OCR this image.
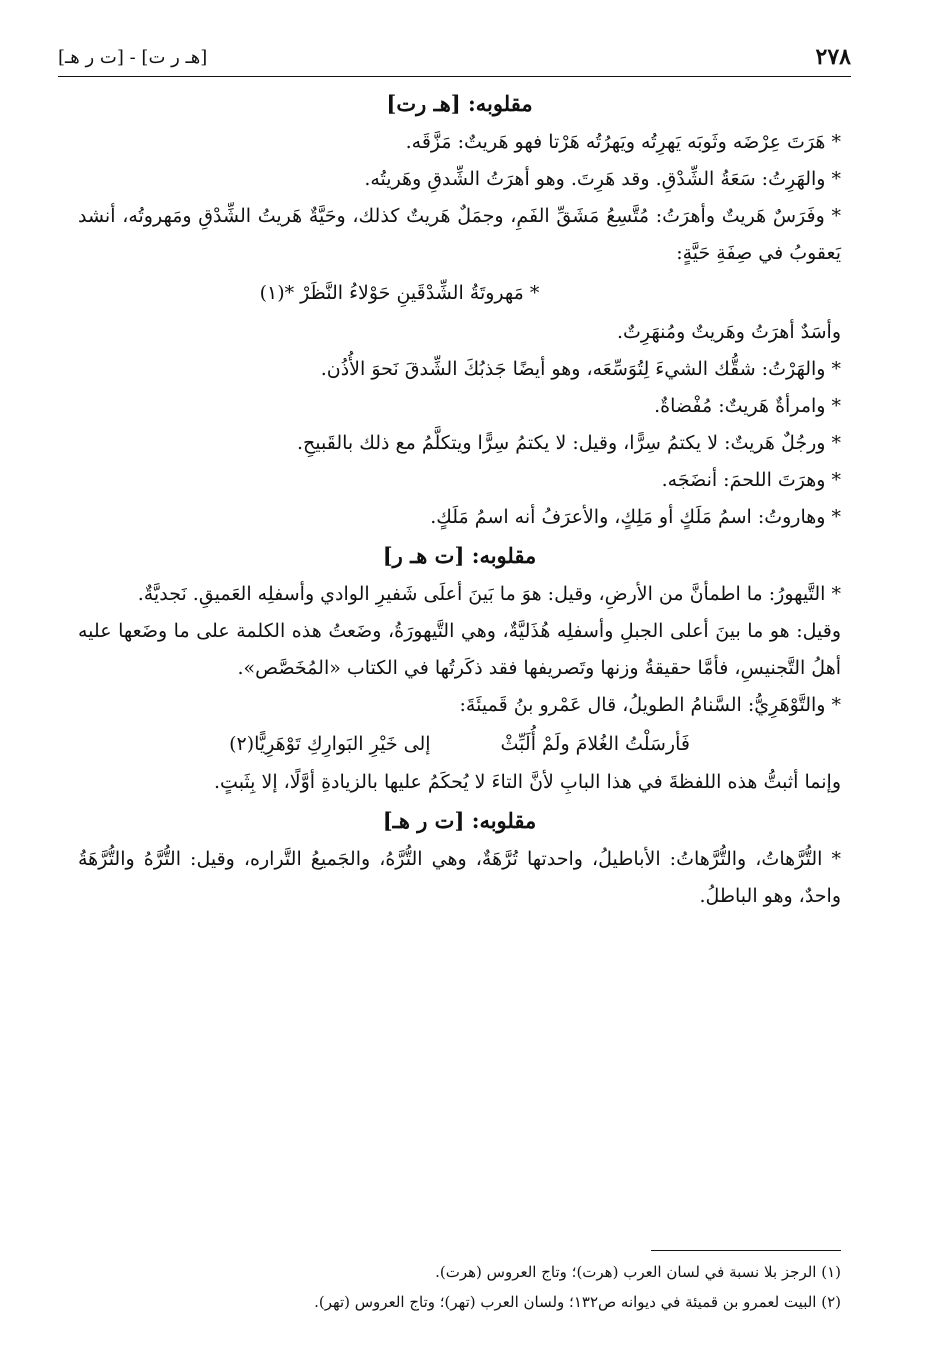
٢٧٨
[هـ ر ت] - [ت ر هـ]

مقلوبه: [هـ رت]

* هَرَتَ عِرْضَه وثَوبَه يَهرِتُه ويَهرُتُه هَرْتا فهو هَريتٌ: مَزَّقَه.

* والهَرِتُ: سَعَةُ الشِّدْقِ. وقد هَرِتَ. وهو أهرَتُ الشِّدقِ وهَريتُه.

* وفَرَسٌ هَريتٌ وأهرَتُ: مُتَّسِعُ مَشَقِّ الفَمِ، وجمَلٌ هَريتٌ كذلك، وحَيَّةٌ هَريتُ الشِّدْقِ ومَهروتُه، أنشد يَعقوبُ في صِفَةِ حَيَّةٍ:

* مَهروتَةُ الشِّدْقَينِ حَوْلاءُ النَّظَرْ *(١)

وأسَدٌ أهرَتُ وهَريتٌ ومُنهَرِتٌ.

* والهَرْتُ: شقُّك الشيءَ لِتُوَسِّعَه، وهو أيضًا جَذبُكَ الشِّدقَ نَحوَ الأُذُن.

* وامرأةٌ هَريتٌ: مُفْضاةٌ.

* ورجُلٌ هَريتٌ: لا يكتمُ سِرًّا، وقيل: لا يكتمُ سِرًّا ويتكلَّمُ مع ذلك بالقَبيحِ.

* وهرَتَ اللحمَ: أنضَجَه.

* وهاروتُ: اسمُ مَلَكٍ أو مَلِكٍ، والأعرَفُ أنه اسمُ مَلَكٍ.

مقلوبه: [ت هـ ر]

* التَّيهورُ: ما اطمأنَّ من الأرضِ، وقيل: هوَ ما بَينَ أعلَى شَفيرِ الوادي وأسفلِه العَميقِ. نَجديَّةٌ.

وقيل: هو ما بينَ أعلى الجبلِ وأسفلِه هُذَليَّةٌ، وهي التَّيهورَةُ، وضَعتُ هذه الكلمة على ما وضَعها عليه أهلُ التَّجنيسِ، فأمَّا حقيقةُ وزنها وتَصريفها فقد ذكَرتُها في الكتاب «المُخَصَّص».

* والتَّوْهَرِيُّ: السَّنامُ الطويلُ، قال عَمْرو بنُ قَميئَةَ:

فَأرسَلْتُ الغُلامَ ولَمْ أُلَبِّثْ
إلى خَيْرِ البَوارِكِ تَوْهَرِيًّا(٢)

وإنما أثبتُّ هذه اللفظةَ في هذا البابِ لأنَّ التاءَ لا يُحكَمُ عليها بالزيادةِ أوَّلًا، إلا بِثَبتٍ.

مقلوبه: [ت ر هـ]

* التُّرَّهاتُ، والتُّرَّهاتُ: الأباطيلُ، واحدتها تُرَّهَةٌ، وهي التُّرَّهُ، والجَميعُ التَّراره، وقيل: التُّرَّهُ والتُّرَّهَةُ واحدٌ، وهو الباطلُ.

(١) الرجز بلا نسبة في لسان العرب (هرت)؛ وتاج العروس (هرت).

(٢) البيت لعمرو بن قميئة في ديوانه ص١٣٢؛ ولسان العرب (تهر)؛ وتاج العروس (تهر).
